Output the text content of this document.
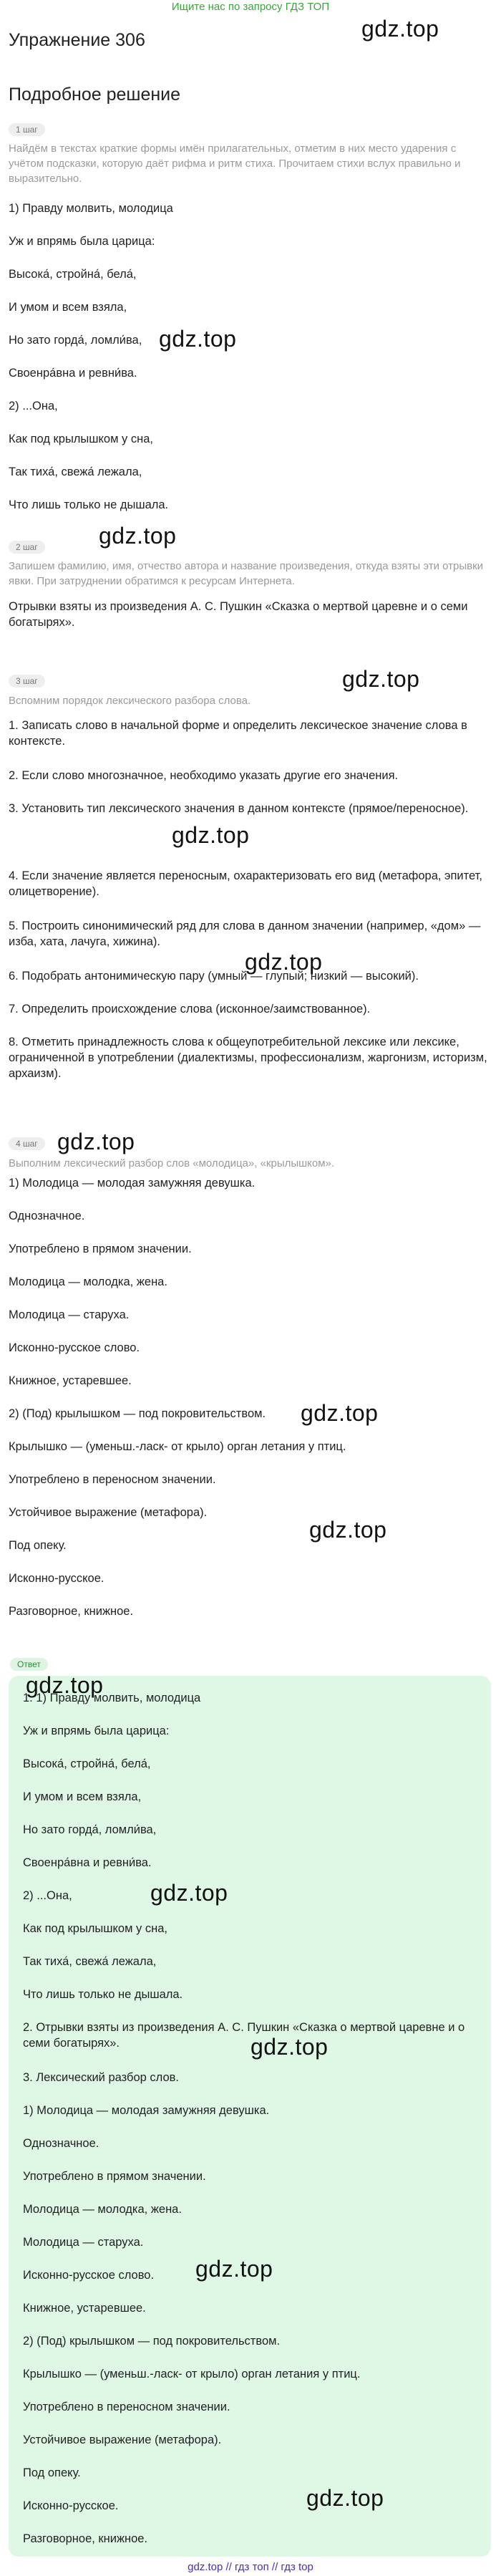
Ищите нас по запросу ГДЗ ТОП
gdz.top
Упражнение 306
Подробное решение
1 шаг
Найдём в текстах краткие формы имён прилагательных, отметим в них место ударения с учётом подсказки, которую даёт рифма и ритм стиха. Прочитаем стихи вслух правильно и выразительно.
1) Правду молвить, молодица
Уж и впрямь была царица:
Высока́, стройна́, бела́,
И умом и всем взяла,
Но зато горда́, ломли́ва, gdz.top
Своенра́вна и ревни́ва.
2) ...Она,
Как под крылышком у сна,
Так тиха́, свежа́ лежала,
Что лишь только не дышала.
gdz.top
2 шаг
Запишем фамилию, имя, отчество автора и название произведения, откуда взяты эти отрывки явки. При затруднении обратимся к ресурсам Интернета.
Отрывки взяты из произведения А. С. Пушкин «Сказка о мертвой царевне и о семи богатырях».
gdz.top
3 шаг
Вспомним порядок лексического разбора слова.
1. Записать слово в начальной форме и определить лексическое значение слова в контексте.
2. Если слово многозначное, необходимо указать другие его значения.
3. Установить тип лексического значения в данном контексте (прямое/переносное).
gdz.top
4. Если значение является переносным, охарактеризовать его вид (метафора, эпитет, олицетворение).
5. Построить синонимический ряд для слова в данном значении (например, «дом» — изба, хата, лачуга, хижина).
gdz.top
6. Подобрать антонимическую пару (умный — глупый; низкий — высокий).
7. Определить происхождение слова (исконное/заимствованное).
8. Отметить принадлежность слова к общеупотребительной лексике или лексике, ограниченной в употреблении (диалектизмы, профессионализм, жаргонизм, историзм, архаизм).
gdz.top
4 шаг
Выполним лексический разбор слов «молодица», «крылышком».
1) Молодица — молодая замужняя девушка.
Однозначное.
Употреблено в прямом значении.
Молодица — молодка, жена.
Молодица — старуха.
Исконно-русское слово.
Книжное, устаревшее.
gdz.top
2) (Под) крылышком — под покровительством.
Крылышко — (уменьш.-ласк- от крыло) орган летания у птиц.
Употреблено в переносном значении.
Устойчивое выражение (метафора).
gdz.top
Под опеку.
Исконно-русское.
Разговорное, книжное.
Ответ
gdz.top
1. 1) Правду молвить, молодица
Уж и впрямь была царица:
Высока́, стройна́, бела́,
И умом и всем взяла,
Но зато горда́, ломли́ва,
Своенра́вна и ревни́ва.
gdz.top
2) ...Она,
Как под крылышком у сна,
Так тиха́, свежа́ лежала,
Что лишь только не дышала.
gdz.top
2. Отрывки взяты из произведения А. С. Пушкин «Сказка о мертвой царевне и о семи богатырях».
3. Лексический разбор слов.
1) Молодица — молодая замужняя девушка.
Однозначное.
Употреблено в прямом значении.
Молодица — молодка, жена.
Молодица — старуха.
gdz.top
Исконно-русское слово.
Книжное, устаревшее.
2) (Под) крылышком — под покровительством.
Крылышко — (уменьш.-ласк- от крыло) орган летания у птиц.
Употреблено в переносном значении.
Устойчивое выражение (метафора).
Под опеку.
gdz.top
Исконно-русское.
Разговорное, книжное.
gdz.top // гдз топ // гдз top
